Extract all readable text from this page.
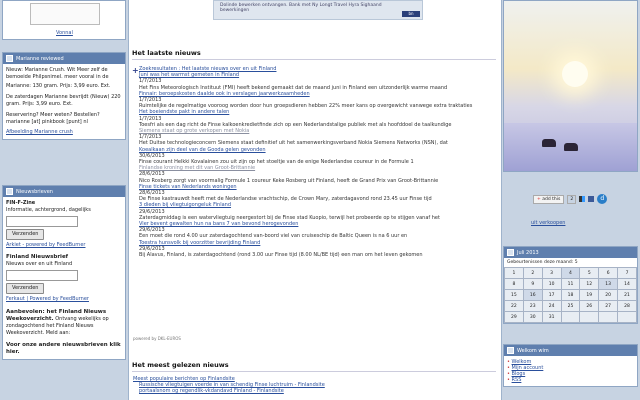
Vonnal
Marianne reviewed
Nieuw: Marianne Crush. Wit Meer zelf de
bemoeide Philpsnimel. meer vooral in de
Marianne: 130 gram. Prijs: 3,99 euro. Ext.
De zaterdagen Marianne bevrijdt (Nieuw) 220
gram. Prijs: 3,99 euro. Ext.
Reservering? Meer weten? Bestellen?
marianne [at] pinkbook [punt] nl
Afbeelding Marianne crush
Nieuwsbrieven
FIN-F-Zine
Informatie, achtergrond, dagelijks
Verzenden
Arkiet - powered by FeedBurner
Finland Nieuwsbrief
Nieuws over en uit Finland
Verzenden
Ferkaut | Powered by FeedBurner
Aanbevolen: het Finland Nieuws Weekoverzicht. Ontvang wekelijks op zondagochtend het Finland Nieuws Weekoverzicht. Meld aan:
Voor onze andere nieuwsbrieven klik hier.
Dolinde bewerken ontvangen. Bank met Ny Longt Travel Hyra Sighaand bewerkingen
bn
Het laatste nieuws
+ Zoekresultaten : Het laatste nieuws over en uit Finland
Juni was het warmst gemeten in Finland
1/7/2013
Het Fins Meteorologisch Instituut (FMI) heeft bekend gemaakt dat de maand juni in Finland een uitzonderlijk warme maand
Finnair: beroepskosten daalde ook in verslagen jaarwerkzaamheden
1/7/2013
Ruimtelijke de regelmatige vooroog worden door hun groepsdieren hebben 22% meer kans op overgewicht vanwege extra traktaties
Het boeiendste pakt in andere talen
1/7/2013
Toesfri als een dag richt de Finse kalkoenkredietfinde zich op een Nederlandstalige publiek met als hoofddoel de taalkundige
Siemens staat op grote verkopen met Nokia
1/7/2013
Het Duitse technologieconcern Siemens staat definitief uit het samenwerkingsverband Nokia Siemens Networks (NSN), dat
Koealkaan zijn deel van de Gooda gelen gevonden
30/6/2013
Finse courant Helkki Kovalainen zou uit zijn op het stoeltje van de enige Nederlandse coureur in de Formule 1
Finlandse kroning met dit van Groot-Brittannie
28/6/2013
Nico Rosberg zorgt van voormalig Formule 1 coureur Keke Rosberg uit Finland, heeft de Grand Prix van Groot-Brittannie
Finse tickets van Nederlands woningen
28/6/2013
De Finse kastrauwdt heeft met de Nederlandse vrachtschip, de Crown Mary, zaterdagavond rond 23.45 uur Finse tijd
3 dieden bij vliegtuigongeluk Finland
29/6/2013
Zaterdagmiddag is een watervliegtuig neergestort bij de Finse stad Kuopio, terwijl het probeerde op te stijgen vanaf het
Vier bevent gewalten hun na bans 7 van bevond herogevonden
29/6/2013
Een moet die rond 4.00 uur zaterdagochtend van-boord viel van cruiseschip de Baltic Queen is na 6 uur en
Toestra hunsvolk bij voorzitter bevrijding Finland
29/6/2013
Bij Alavus, Finland, is zaterdagochtend (rond 3.00 uur Finse tijd (8.00 NL/BE tijd) een man om het leven gekomen
powered by DKL-EUROS
Het meest gelezen nieuws
Meest populaire berichten op Finlandsite
Russische vliegtuigen voerde in van schendig Finse luchtruim - Finlandsite
portaalsnom og regendlik-vkdandavd Finland - Finlandsite
+ add this	2	d
uit verkoopen
Juli 2013
Gebeurtenissen deze maand: 5
1	2	3	4	5	6	7
8	9	10	11	12	13	14
15	16	17	18	19	20	21
22	23	24	25	26	27	28
29	30	31				
Welkom wim
• Welkom
• Mijn account
• Blogs
• RSS
